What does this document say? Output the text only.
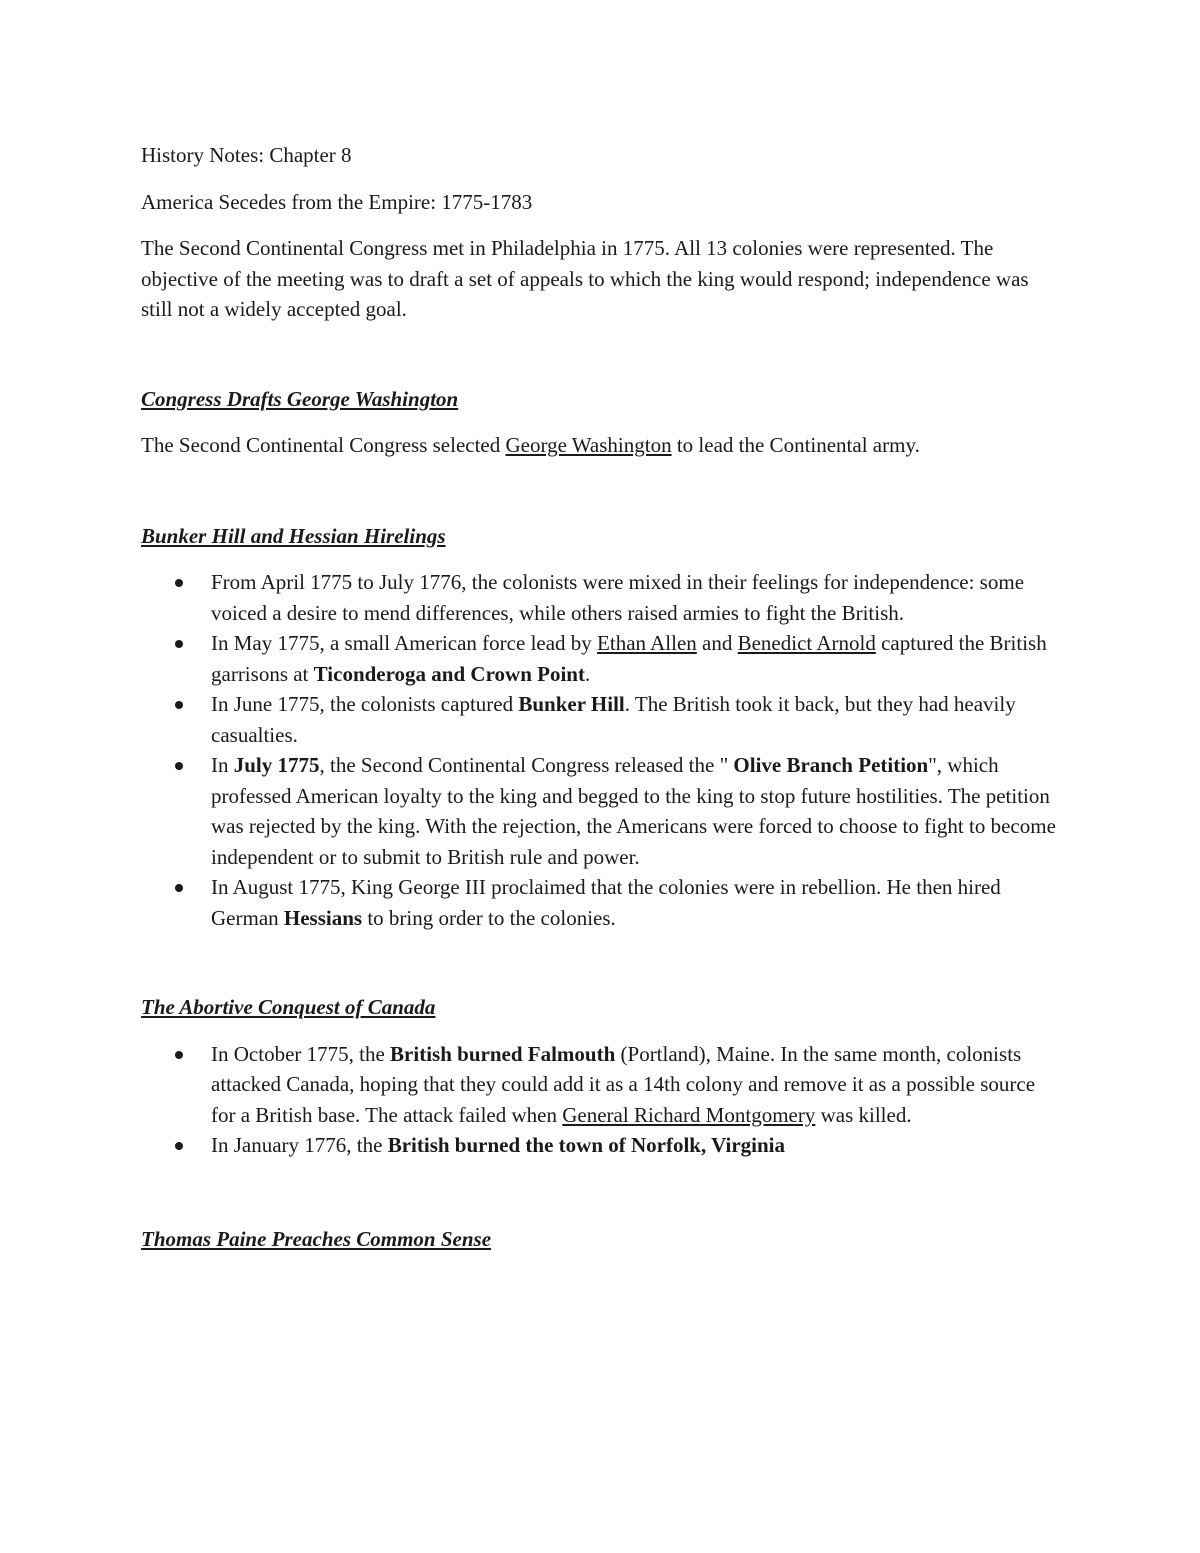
History Notes: Chapter 8

America Secedes from the Empire: 1775-1783

The Second Continental Congress met in Philadelphia in 1775. All 13 colonies were represented. The objective of the meeting was to draft a set of appeals to which the king would respond; independence was still not a widely accepted goal.

Congress Drafts George Washington

The Second Continental Congress selected George Washington to lead the Continental army.

Bunker Hill and Hessian Hirelings

From April 1775 to July 1776, the colonists were mixed in their feelings for independence: some voiced a desire to mend differences, while others raised armies to fight the British.
In May 1775, a small American force lead by Ethan Allen and Benedict Arnold captured the British garrisons at Ticonderoga and Crown Point.
In June 1775, the colonists captured Bunker Hill. The British took it back, but they had heavily casualties.
In July 1775, the Second Continental Congress released the " Olive Branch Petition", which professed American loyalty to the king and begged to the king to stop future hostilities. The petition was rejected by the king. With the rejection, the Americans were forced to choose to fight to become independent or to submit to British rule and power.
In August 1775, King George III proclaimed that the colonies were in rebellion. He then hired German Hessians to bring order to the colonies.

The Abortive Conquest of Canada

In October 1775, the British burned Falmouth (Portland), Maine. In the same month, colonists attacked Canada, hoping that they could add it as a 14th colony and remove it as a possible source for a British base. The attack failed when General Richard Montgomery was killed.
In January 1776, the British burned the town of Norfolk, Virginia

Thomas Paine Preaches Common Sense
